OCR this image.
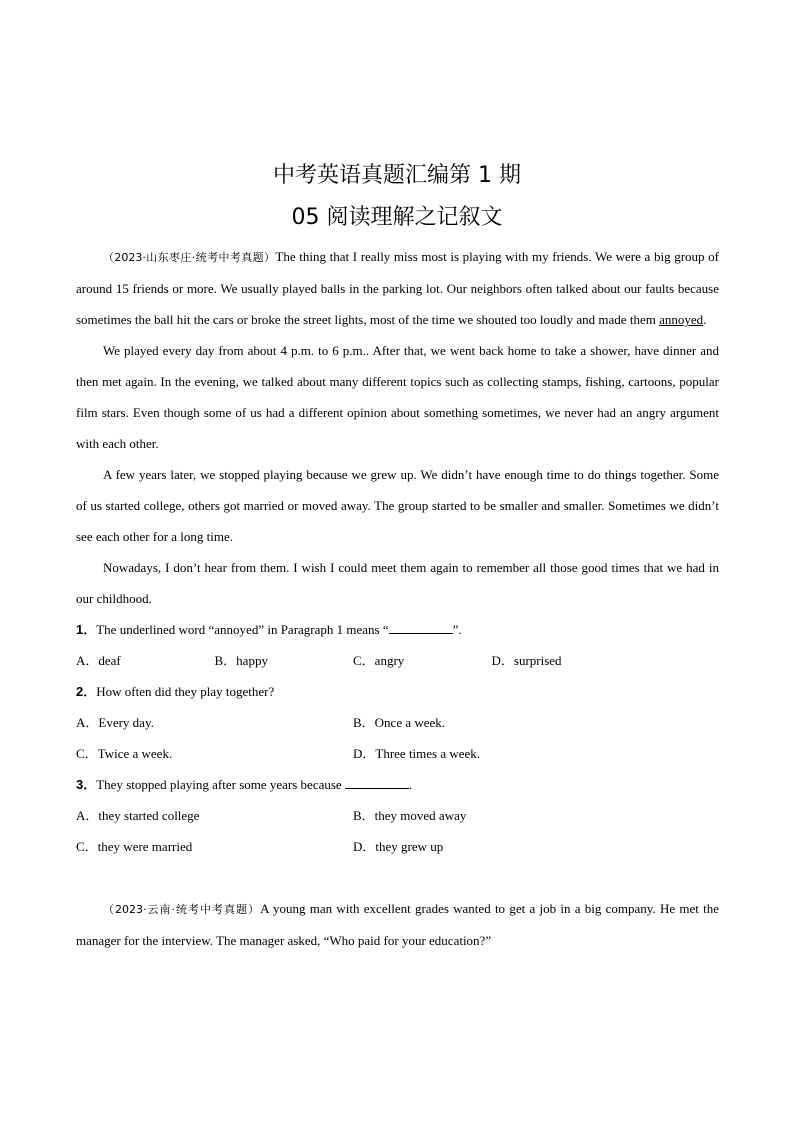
中考英语真题汇编第 1 期
05 阅读理解之记叙文

（2023·山东枣庄·统考中考真题）The thing that I really miss most is playing with my friends. We were a big group of around 15 friends or more. We usually played balls in the parking lot. Our neighbors often talked about our faults because sometimes the ball hit the cars or broke the street lights, most of the time we shouted too loudly and made them annoyed.

We played every day from about 4 p.m. to 6 p.m.. After that, we went back home to take a shower, have dinner and then met again. In the evening, we talked about many different topics such as collecting stamps, fishing, cartoons, popular film stars. Even though some of us had a different opinion about something sometimes, we never had an angry argument with each other.

A few years later, we stopped playing because we grew up. We didn’t have enough time to do things together. Some of us started college, others got married or moved away. The group started to be smaller and smaller. Sometimes we didn’t see each other for a long time.

Nowadays, I don’t hear from them. I wish I could meet them again to remember all those good times that we had in our childhood.

1．The underlined word “annoyed” in Paragraph 1 means “	”.

A．deaf	B．happy	C．angry	D．surprised

2．How often did they play together?

A．Every day.	B．Once a week.
C．Twice a week.	D．Three times a week.

3．They stopped playing after some years because	.

A．they started college	B．they moved away
C．they were married	D．they grew up

（2023·云南·统考中考真题）A young man with excellent grades wanted to get a job in a big company. He met the manager for the interview. The manager asked, “Who paid for your education?”
